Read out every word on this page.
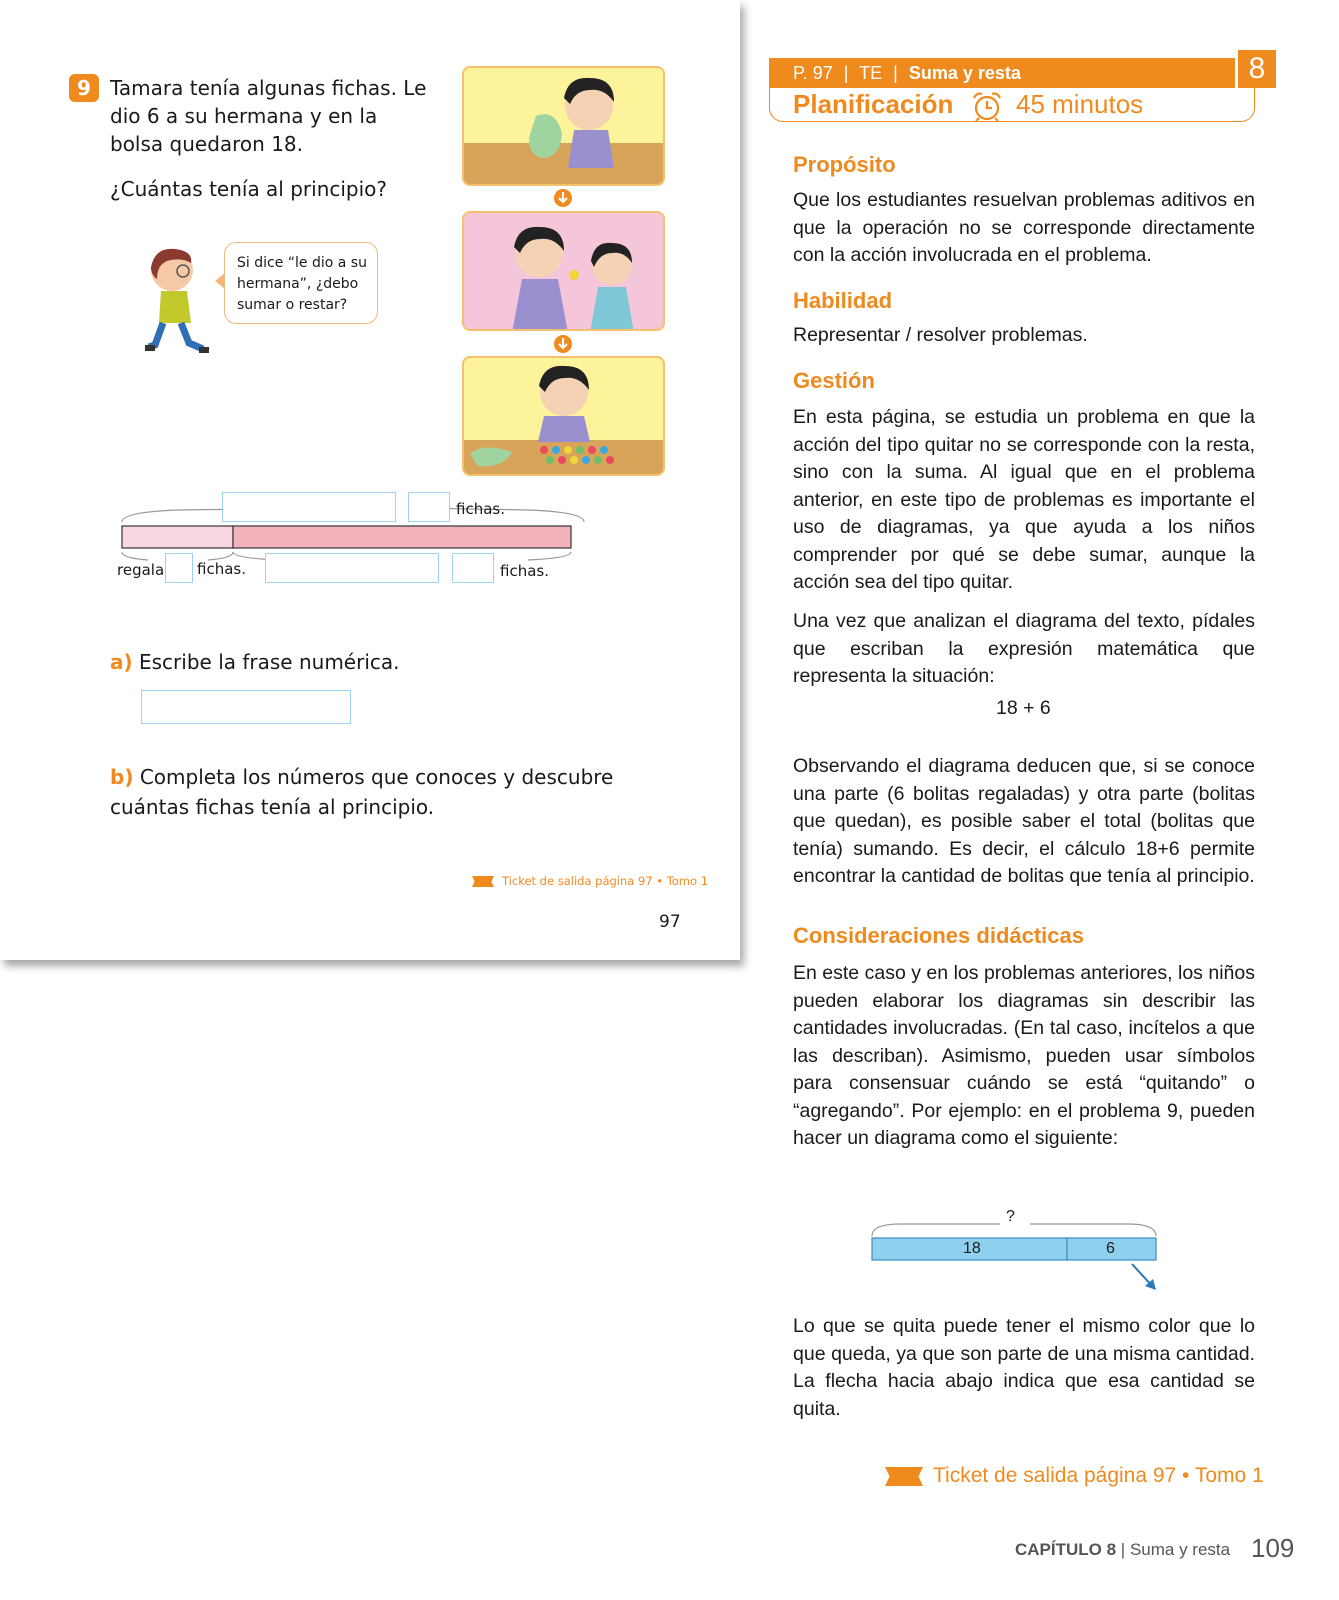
9 Tamara tenía algunas fichas. Le dio 6 a su hermana y en la bolsa quedaron 18.
¿Cuántas tenía al principio?
Si dice “le dio a su hermana”, ¿debo sumar o restar?
fichas.
regala fichas.	fichas.
a) Escribe la frase numérica.
b) Completa los números que conoces y descubre cuántas fichas tenía al principio.
Ticket de salida página 97 • Tomo 1
97
P. 97 | TE | Suma y resta	8
Planificación 45 minutos
Propósito
Que los estudiantes resuelvan problemas aditivos en que la operación no se corresponde directamente con la acción involucrada en el problema.
Habilidad
Representar / resolver problemas.
Gestión
En esta página, se estudia un problema en que la acción del tipo quitar no se corresponde con la resta, sino con la suma. Al igual que en el problema anterior, en este tipo de problemas es importante el uso de diagramas, ya que ayuda a los niños comprender por qué se debe sumar, aunque la acción sea del tipo quitar.
Una vez que analizan el diagrama del texto, pídales que escriban la expresión matemática que representa la situación:
18 + 6
Observando el diagrama deducen que, si se conoce una parte (6 bolitas regaladas) y otra parte (bolitas que quedan), es posible saber el total (bolitas que tenía) sumando. Es decir, el cálculo 18+6 permite encontrar la cantidad de bolitas que tenía al principio.
Consideraciones didácticas
En este caso y en los problemas anteriores, los niños pueden elaborar los diagramas sin describir las cantidades involucradas. (En tal caso, incítelos a que las describan). Asimismo, pueden usar símbolos para consensuar cuándo se está “quitando” o “agregando”. Por ejemplo: en el problema 9, pueden hacer un diagrama como el siguiente:
?
18	6
Lo que se quita puede tener el mismo color que lo que queda, ya que son parte de una misma cantidad. La flecha hacia abajo indica que esa cantidad se quita.
Ticket de salida página 97 • Tomo 1
CAPÍTULO 8 | Suma y resta 109
